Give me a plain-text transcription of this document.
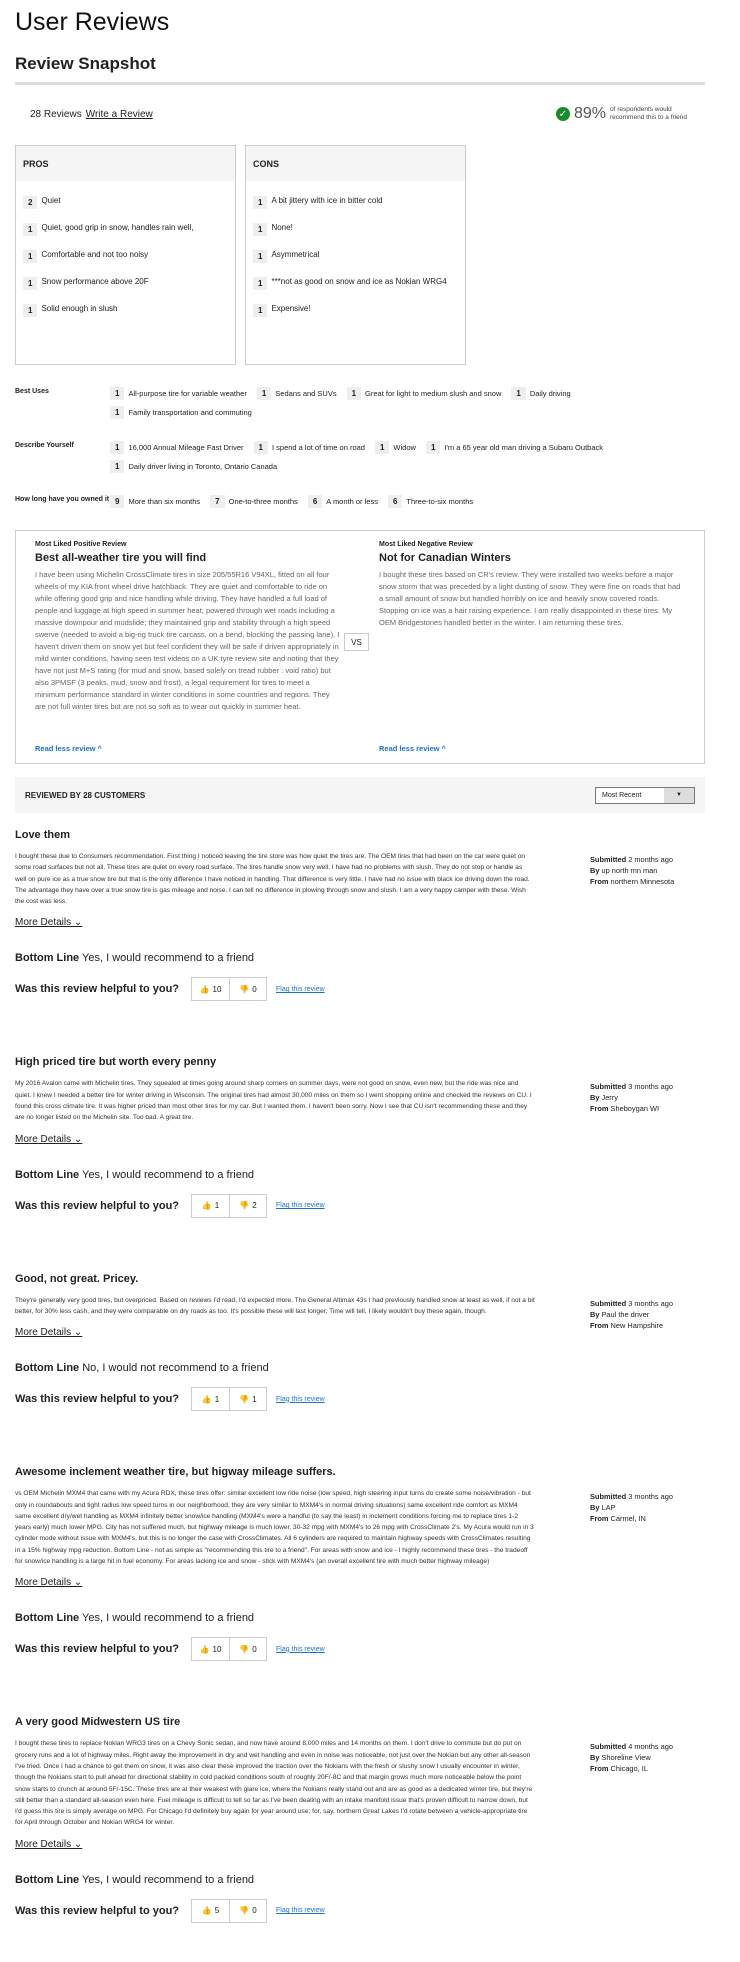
User Reviews
Review Snapshot
28 Reviews Write a Review	✓ 89% of respondents would recommend this to a friend
PROS
2	Quiet
1	Quiet, good grip in snow, handles rain well,
1	Comfortable and not too noisy
1	Snow performance above 20F
1	Solid enough in slush
CONS
1	A bit jittery with ice in bitter cold
1	None!
1	Asymmetrical
1	***not as good on snow and ice as Nokian WRG4
1	Expensive!
Best Uses	1	All-purpose tire for variable weather	1	Sedans and SUVs	1	Great for light to medium slush and snow	1	Daily driving
1	Family transportation and commuting
Describe Yourself	1	16,000 Annual Mileage Fast Driver	1	I spend a lot of time on road	1	Widow	1	I'm a 65 year old man driving a Subaru Outback
1	Daily driver living in Toronto, Ontario Canada
How long have you owned it 9	More than six months	7	One-to-three months	6	A month or less	6	Three-to-six months
Most Liked Positive Review
Best all-weather tire you will find

I have been using Michelin CrossClimate tires in size 205/55R16 V94XL, fitted on all four wheels of my KIA front wheel drive hatchback. They are quiet and comfortable to ride on while offering good grip and nice handling while driving. They have handled a full load of people and luggage at high speed in summer heat; powered through wet roads including a massive downpour and mudslide; they maintained grip and stability through a high speed swerve (needed to avoid a big-rig truck tire carcass, on a bend, blocking the passing lane). I haven't driven them on snow yet but feel confident they will be safe if driven appropriately in mild winter conditions, having seen test videos on a UK tyre review site and noting that they have not just M+S rating (for mud and snow, based solely on tread rubber : void ratio) but also 3PMSF (3 peaks, mud, snow and frost), a legal requirement for tires to meet a minimum performance standard in winter conditions in some countries and regions. They are not full winter tires but are not so soft as to wear out quickly in summer heat.

Read less review ^
VS
Most Liked Negative Review
Not for Canadian Winters

I bought these tires based on CR's review. They were installed two weeks before a major snow storm that was preceded by a light dusting of snow. They were fine on roads that had a small amount of snow but handled horribly on ice and heavily snow covered roads. Stopping on ice was a hair raising experience. I am really disappointed in these tires. My OEM Bridgestones handled better in the winter. I am returning these tires.

Read less review ^
REVIEWED BY 28 CUSTOMERS	Most Recent	▼
Love them
I bought these due to Consumers recommendation. First thing I noticed leaving the tire store was how quiet the tires are. The OEM tires that had been on the car were quiet on some road surfaces but not all. These tires are quiet on every road surface. The tires handle snow very well. I have had no problems with slush. They do not stop or handle as well on pure ice as a true snow tire but that is the only difference I have noticed in handling. That difference is very little. I have had no issue with black ice driving down the road. The advantage they have over a true snow tire is gas mileage and noise. I can tell no difference in plowing through snow and slush. I am a very happy camper with these. Wish the cost was less.
Submitted 2 months ago
By up north mn man
From northern Minnesota
More Details ⌄
Bottom Line Yes, I would recommend to a friend
Was this review helpful to you?	👍 10	👎 0	Flag this review
High priced tire but worth every penny
My 2016 Avalon came with Michelin tires. They squealed at times going around sharp corners on summer days, were not good on snow, even new, but the ride was nice and quiet. I knew I needed a better tire for winter driving in Wisconsin. The original tires had almost 30,000 miles on them so I went shopping online and checked the reviews on CU. I found this cross climate tire. It was higher priced than most other tires for my car. But I wanted them. I haven't been sorry. Now I see that CU isn't recommending these and they are no longer listed on the Michelin site. Too bad. A great tire.
Submitted 3 months ago
By Jerry
From Sheboygan WI
More Details ⌄
Bottom Line Yes, I would recommend to a friend
Was this review helpful to you?	👍 1	👎 2	Flag this review
Good, not great. Pricey.
They're generally very good tires, but overpriced. Based on reviews I'd read, I'd expected more. The General Altimax 43s I had previously handled snow at least as well, if not a bit better, for 30% less cash, and they were comparable on dry roads as too. It's possible these will last longer. Time will tell. I likely wouldn't buy these again, though.
Submitted 3 months ago
By Paul the driver
From New Hampshire
More Details ⌄
Bottom Line No, I would not recommend to a friend
Was this review helpful to you?	👍 1	👎 1	Flag this review
Awesome inclement weather tire, but higway mileage suffers.
vs OEM Michelin MXM4 that came with my Acura RDX, these tires offer: similar excellent low ride noise (low speed, high steering input turns do create some noise/vibration - but only in roundabouts and tight radius low speed turns in our neighborhood, they are very similar to MXM4's in normal driving situations) same excellent ride comfort as MXM4 same excellent dry/wet handling as MXM4 infinitely better snow/ice handling (MXM4's were a handful (to say the least) in inclement conditions forcing me to replace tires 1-2 years early) much lower MPG. City has not suffered much, but highway mileage is much lower. 30-32 mpg with MXM4's to 26 mpg with CrossClimate 2's. My Acura would run in 3 cylinder mode without issue with MXM4's, but this is no longer the case with CrossClimates. All 6 cylinders are required to maintain highway speeds with CrossClimates resulting in a 15% highway mpg reduction. Bottom Line - not as simple as "recommending this tire to a friend". For areas with snow and ice - I highly recommend these tires - the tradeoff for snow/ice handling is a large hit in fuel economy. For areas lacking ice and snow - stick with MXM4's (an overall excellent tire with much better highway mileage)
Submitted 3 months ago
By LAP
From Carmel, IN
More Details ⌄
Bottom Line Yes, I would recommend to a friend
Was this review helpful to you?	👍 10	👎 0	Flag this review
A very good Midwestern US tire
I bought these tires to replace Nokian WRG3 tires on a Chevy Sonic sedan, and now have around 8,000 miles and 14 months on them. I don't drive to commute but do put on grocery runs and a lot of highway miles. Right away the improvement in dry and wet handling and even in noise was noticeable, not just over the Nokian but any other all-season I've tried. Once I had a chance to get them on snow, it was also clear these improved the traction over the Nokians with the fresh or slushy snow I usually encounter in winter, though the Nokians start to pull ahead for directional stability in cold packed conditions south of roughly 20F/-8C and that margin grows much more noticeable below the point snow starts to crunch at around 5F/-15C. These tires are at their weakest with glare ice, where the Nokians really stand out and are as good as a dedicated winter tire, but they're still better than a standard all-season even here. Fuel mileage is difficult to tell so far as I've been dealing with an intake manifold issue that's proven difficult to narrow down, but I'd guess this tire is simply average on MPG. For Chicago I'd definitely buy again for year around use; for, say, northern Great Lakes I'd rotate between a vehicle-appropriate tire for April through October and Nokian WRG4 for winter.
Submitted 4 months ago
By Shoreline View
From Chicago, IL
More Details ⌄
Bottom Line Yes, I would recommend to a friend
Was this review helpful to you?	👍 5	👎 0	Flag this review
